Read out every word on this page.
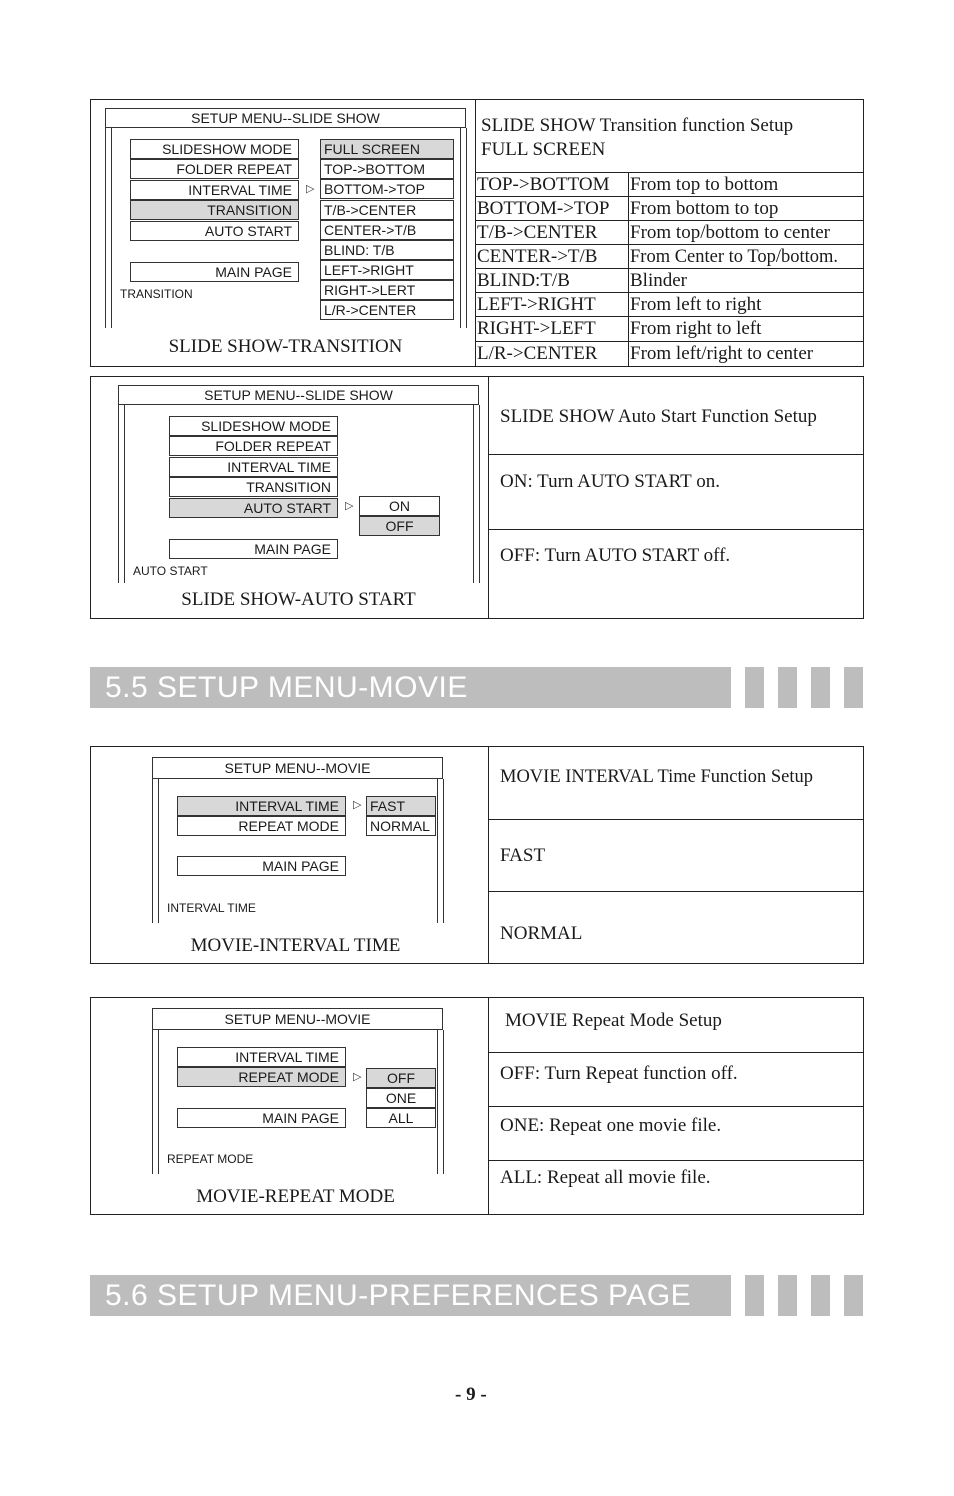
SETUP MENU--SLIDE SHOW
SLIDESHOW MODE
FOLDER REPEAT
INTERVAL TIME
TRANSITION
AUTO START
MAIN PAGE
TRANSITION
▷
FULL SCREEN
TOP->BOTTOM
BOTTOM->TOP
T/B->CENTER
CENTER->T/B
BLIND: T/B
LEFT->RIGHT
RIGHT->LERT
L/R->CENTER
SLIDE SHOW-TRANSITION
SLIDE SHOW Transition function Setup
FULL SCREEN
TOP->BOTTOM	From top to bottom
BOTTOM->TOP	From bottom to top
T/B->CENTER	From top/bottom to center
CENTER->T/B	From Center to Top/bottom.
BLIND:T/B	Blinder
LEFT->RIGHT	From left to right
RIGHT->LEFT	From right to left
L/R->CENTER	From left/right to center
SETUP MENU--SLIDE SHOW
SLIDESHOW MODE
FOLDER REPEAT
INTERVAL TIME
TRANSITION
AUTO START
MAIN PAGE
AUTO START
▷	ON
OFF
SLIDE SHOW-AUTO START
SLIDE SHOW Auto Start Function Setup
ON: Turn AUTO START on.
OFF: Turn AUTO START off.
5.5 SETUP MENU-MOVIE
SETUP MENU--MOVIE
INTERVAL TIME
REPEAT MODE
MAIN PAGE
INTERVAL TIME
▷ FAST
NORMAL
MOVIE-INTERVAL TIME
MOVIE INTERVAL Time Function Setup
FAST
NORMAL
SETUP MENU--MOVIE
INTERVAL TIME
REPEAT MODE
MAIN PAGE
REPEAT MODE
▷	OFF
ONE
ALL
MOVIE-REPEAT MODE
MOVIE Repeat Mode Setup
OFF: Turn Repeat function off.
ONE: Repeat one movie file.
ALL: Repeat all movie file.
5.6 SETUP MENU-PREFERENCES PAGE
- 9 -
